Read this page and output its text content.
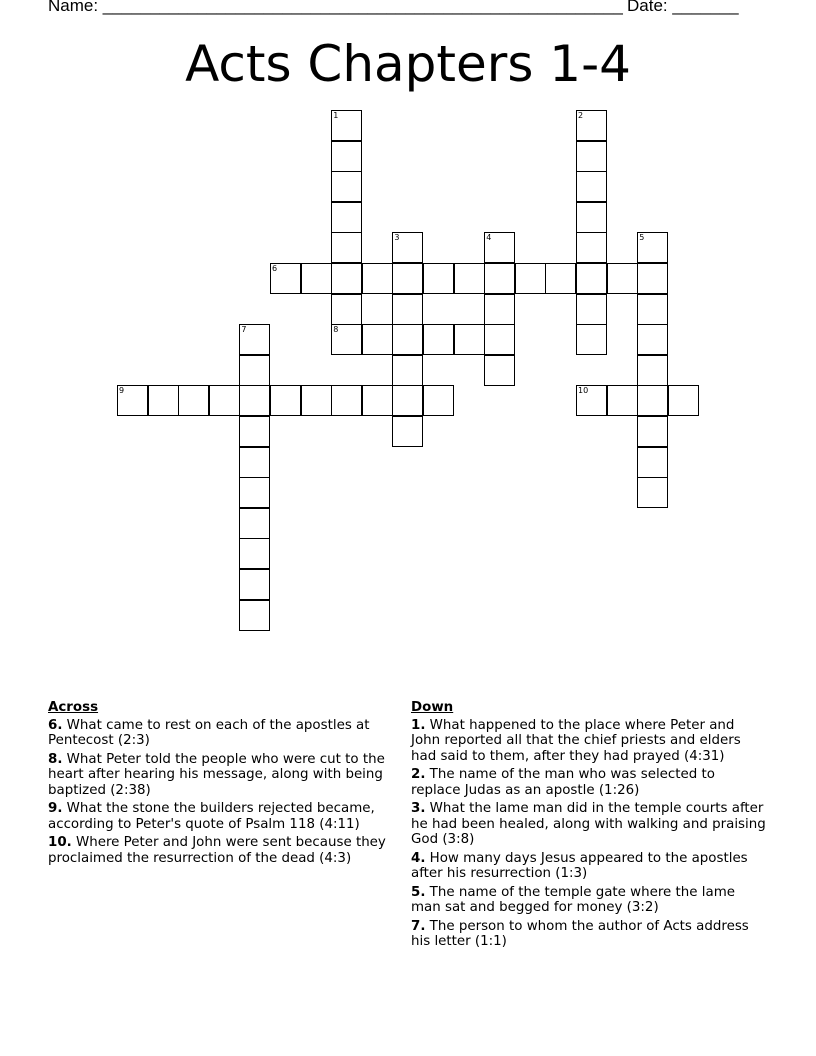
Name: _______________________________________________________ Date: _______
Acts Chapters 1-4
1
8
2
3	4	5
6
7
9	10
Across
6. What came to rest on each of the apostles at Pentecost (2:3)
8. What Peter told the people who were cut to the heart after hearing his message, along with being baptized (2:38)
9. What the stone the builders rejected became, according to Peter's quote of Psalm 118 (4:11)
10. Where Peter and John were sent because they proclaimed the resurrection of the dead (4:3)
Down
1. What happened to the place where Peter and John reported all that the chief priests and elders had said to them, after they had prayed (4:31)
2. The name of the man who was selected to replace Judas as an apostle (1:26)
3. What the lame man did in the temple courts after he had been healed, along with walking and praising God (3:8)
4. How many days Jesus appeared to the apostles after his resurrection (1:3)
5. The name of the temple gate where the lame man sat and begged for money (3:2)
7. The person to whom the author of Acts address his letter (1:1)
